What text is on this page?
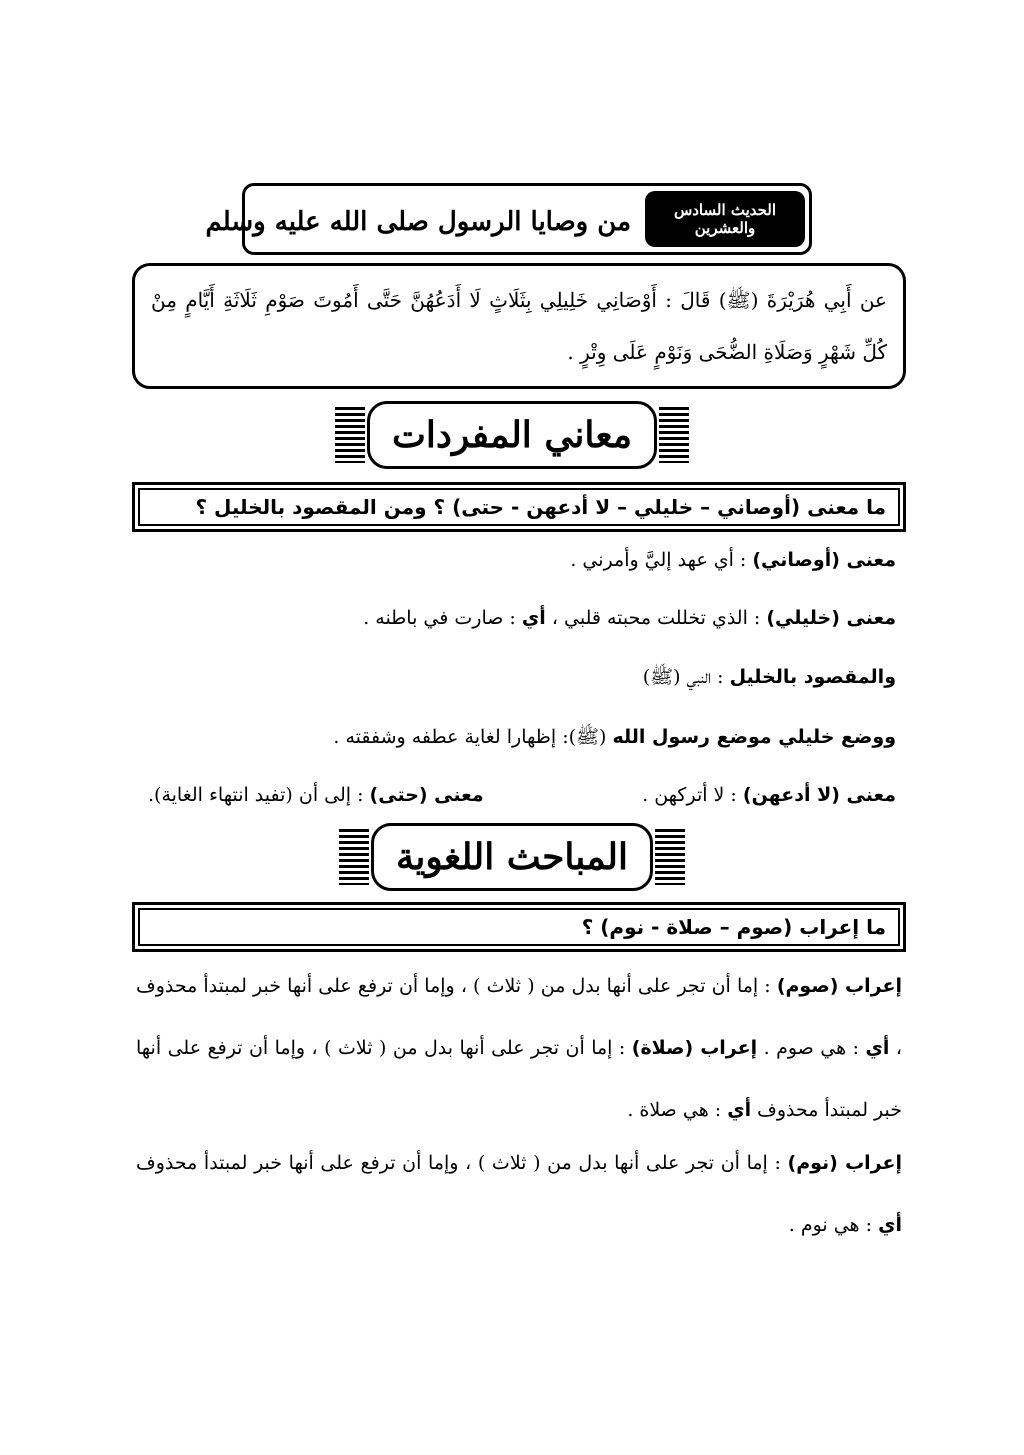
الحديث السادس والعشرين
من وصايا الرسول صلى الله عليه وسلم
عن أَبِي هُرَيْرَةَ (ﷺ) قَالَ : أَوْصَانِي خَلِيلِي بِثَلَاثٍ لَا أَدَعُهُنَّ حَتَّى أَمُوتَ صَوْمِ ثَلَاثَةِ أَيَّامٍ مِنْ كُلِّ شَهْرٍ وَصَلَاةِ الضُّحَى وَنَوْمٍ عَلَى وِتْرٍ .
معاني المفردات
ما معنى (أوصاني – خليلي – لا أدعهن - حتى) ؟ ومن المقصود بالخليل ؟
معنى (أوصاني) : أي عهد إليَّ وأمرني .
معنى (خليلي) : الذي تخللت محبته قلبي ، أي : صارت في باطنه .
والمقصود بالخليل : النبي (ﷺ)
ووضع خليلي موضع رسول الله (ﷺ): إظهارا لغاية عطفه وشفقته .
معنى (لا أدعهن) : لا أتركهن .
معنى (حتى) : إلى أن (تفيد انتهاء الغاية).
المباحث اللغوية
ما إعراب (صوم – صلاة - نوم) ؟
إعراب (صوم) : إما أن تجر على أنها بدل من ( ثلاث ) ، وإما أن ترفع على أنها خبر لمبتدأ محذوف ، أي : هي صوم . إعراب (صلاة) : إما أن تجر على أنها بدل من ( ثلاث ) ، وإما أن ترفع على أنها خبر لمبتدأ محذوف أي : هي صلاة .
إعراب (نوم) : إما أن تجر على أنها بدل من ( ثلاث ) ، وإما أن ترفع على أنها خبر لمبتدأ محذوف أي : هي نوم .
